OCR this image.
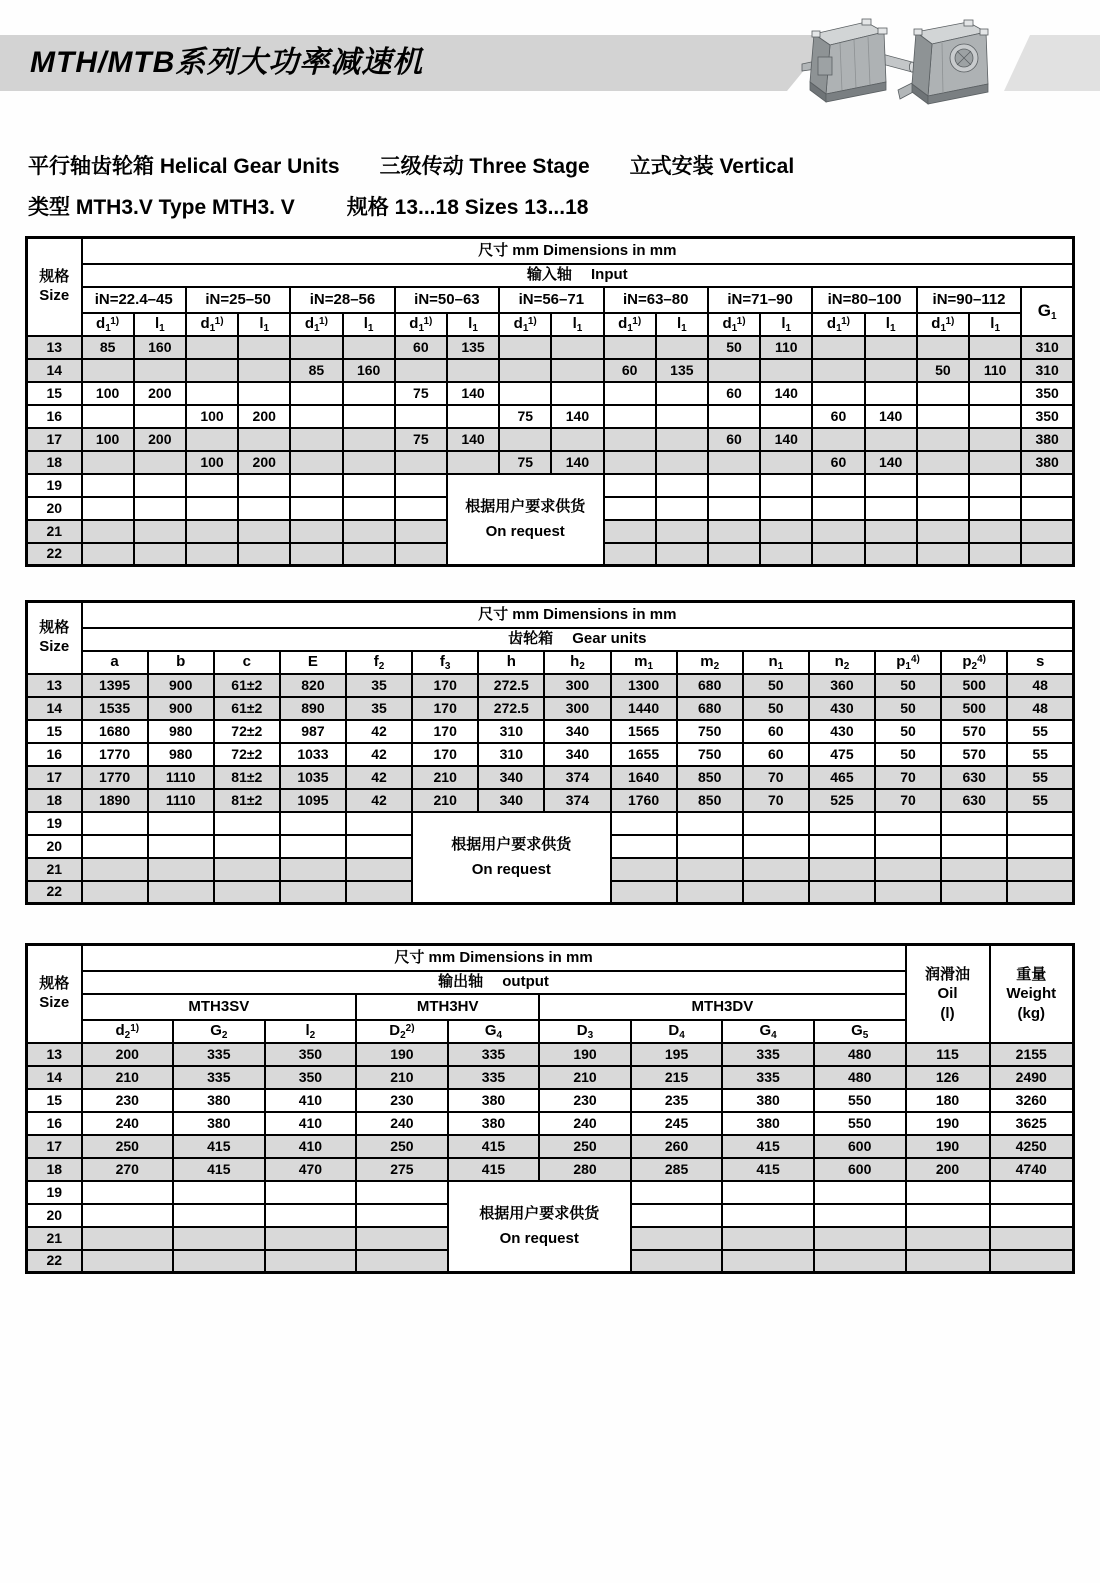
MTH/MTB系列大功率减速机
平行轴齿轮箱 Helical Gear Units 三级传动 Three Stage 立式安装 Vertical
类型 MTH3.V Type MTH3. V 规格 13...18 Sizes 13...18
规格
Size	尺寸 mm Dimensions in mm																		
	输入轴　 Input																		
	iN=22.4–45		iN=25–50		iN=28–56		iN=50–63		iN=56–71		iN=63–80		iN=71–90		iN=80–100		iN=90–112		$G_1$
	$d_1^{1)}$	$l_1$	$d_1^{1)}$	$l_1$	$d_1^{1)}$	$l_1$	$d_1^{1)}$	$l_1$	$d_1^{1)}$	$l_1$	$d_1^{1)}$	$l_1$	$d_1^{1)}$	$l_1$	$d_1^{1)}$	$l_1$	$d_1^{1)}$	$l_1$
13	85	160					60	135					50	110					310
14					85	160					60	135					50	110	310
15	100	200					75	140					60	140					350
16			100	200					75	140					60	140			350
17	100	200					75	140					60	140					380
18			100	200					75	140					60	140			380
19								根据用户要求供货
On request											

20																			
21																			
22																			
规格
Size	尺寸 mm Dimensions in mm														
	齿轮箱　 Gear units														
	a	b	c	E	$f_2$	$f_3$	h	$h_2$	$m_1$	$m_2$	$n_1$	$n_2$	$p_1^{4)}$	$p_2^{4)}$	s
13	1395	900	61±2	820	35	170	272.5	300	1300	680	50	360	50	500	48
14	1535	900	61±2	890	35	170	272.5	300	1440	680	50	430	50	500	48
15	1680	980	72±2	987	42	170	310	340	1565	750	60	430	50	570	55
16	1770	980	72±2	1033	42	170	310	340	1655	750	60	475	50	570	55
17	1770	1110	81±2	1035	42	210	340	374	1640	850	70	465	70	630	55
18	1890	1110	81±2	1095	42	210	340	374	1760	850	70	525	70	630	55
19						根据用户要求供货
On request									

20															
21															
22															
规格
Size	尺寸 mm Dimensions in mm									润滑油
Oil
(l)	重量
Weight
(kg)

	输出轴　 output										
	MTH3SV			MTH3HV		MTH3DV					
	$d_2^{1)}$	$G_2$	$l_2$	$D_2^{2)}$	$G_4$	$D_3$	$D_4$	$G_4$	$G_5$
13	200	335	350	190	335	190	195	335	480	115	2155
14	210	335	350	210	335	210	215	335	480	126	2490
15	230	380	410	230	380	230	235	380	550	180	3260
16	240	380	410	240	380	240	245	380	550	190	3625
17	250	415	410	250	415	250	260	415	600	190	4250
18	270	415	470	275	415	280	285	415	600	200	4740
19					根据用户要求供货
On request						

20											
21											
22											
